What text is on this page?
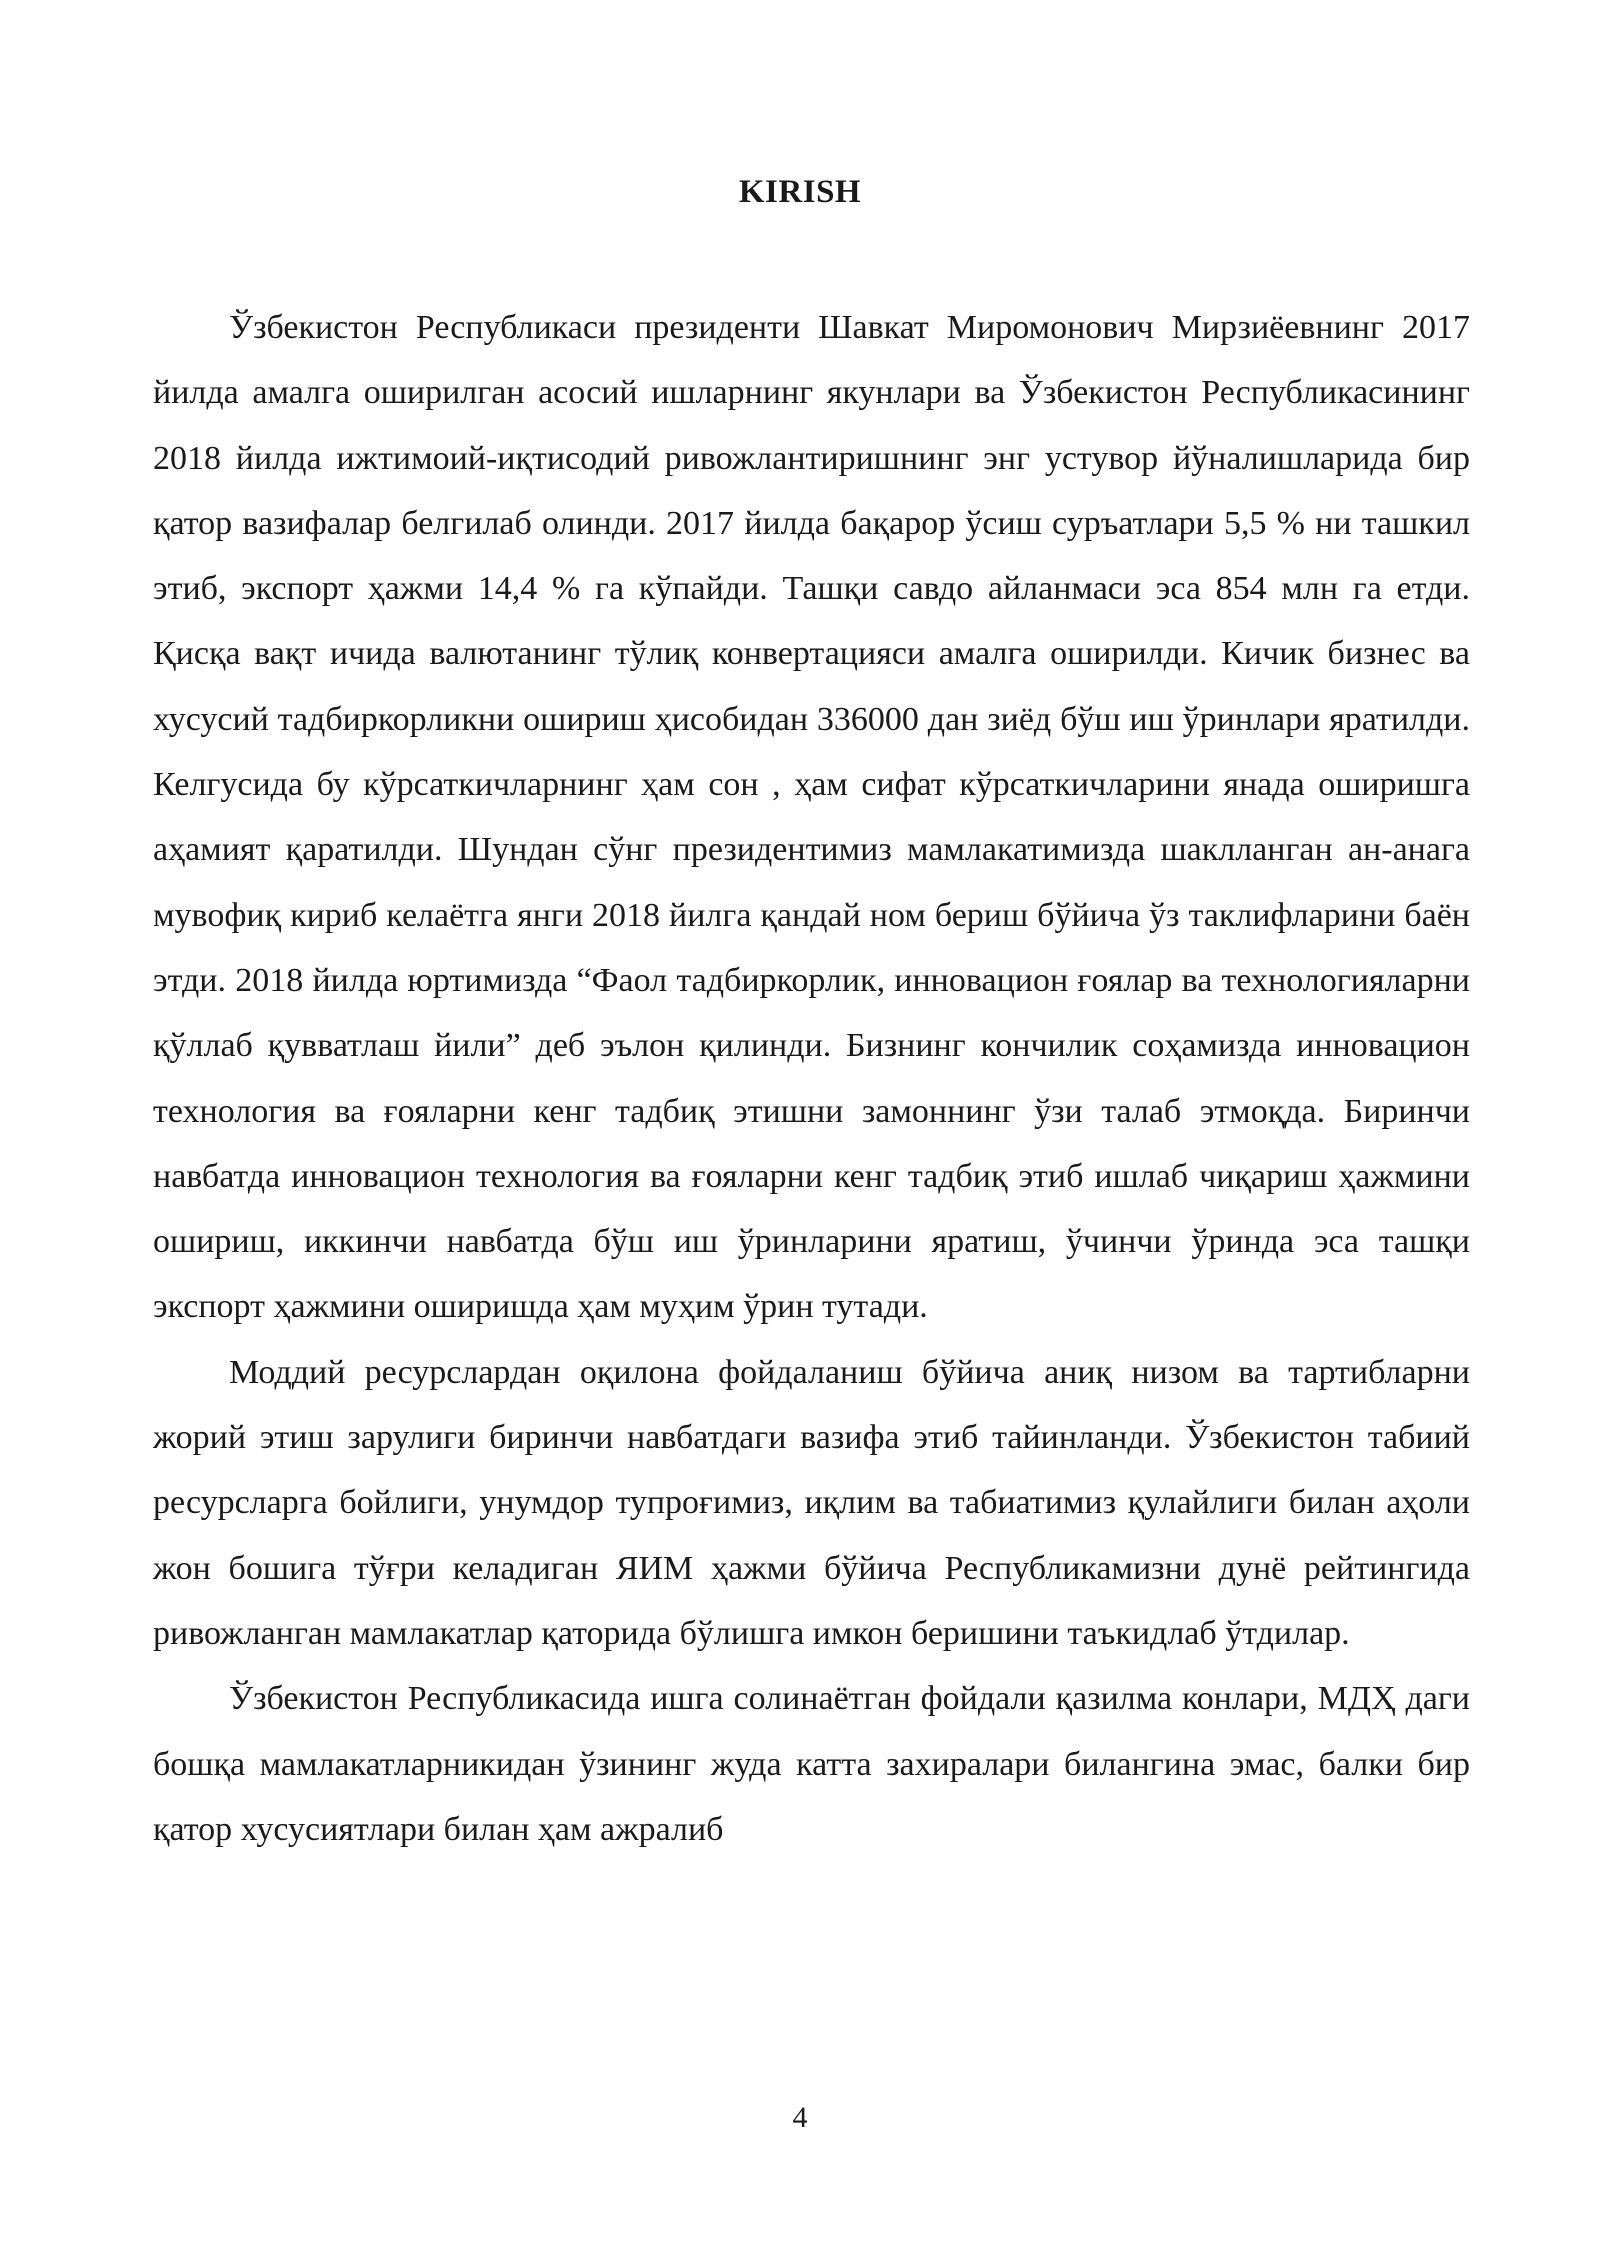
KIRISH

Ўзбекистон Республикаси президенти Шавкат Миромонович Мирзиёевнинг 2017 йилда амалга оширилган асосий ишларнинг якунлари ва Ўзбекистон Республикасининг 2018 йилда ижтимоий-иқтисодий ривожлантиришнинг энг устувор йўналишларида бир қатор вазифалар белгилаб олинди. 2017 йилда бақарор ўсиш суръатлари 5,5 % ни ташкил этиб, экспорт ҳажми 14,4 % га кўпайди. Ташқи савдо айланмаси эса 854 млн га етди. Қисқа вақт ичида валютанинг тўлиқ конвертацияси амалга оширилди. Кичик бизнес ва хусусий тадбиркорликни ошириш ҳисобидан 336000 дан зиёд бўш иш ўринлари яратилди. Келгусида бу кўрсаткичларнинг ҳам сон , ҳам сифат кўрсаткичларини янада оширишга аҳамият қаратилди. Шундан сўнг президентимиз мамлакатимизда шаклланган ан-анага мувофиқ кириб келаётга янги 2018 йилга қандай ном бериш бўйича ўз таклифларини баён этди. 2018 йилда юртимизда “Фаол тадбиркорлик, инновацион ғоялар ва технологияларни қўллаб қувватлаш йили” деб эълон қилинди. Бизнинг кончилик соҳамизда инновацион технология ва ғояларни кенг тадбиқ этишни замоннинг ўзи талаб этмоқда. Биринчи навбатда инновацион технология ва ғояларни кенг тадбиқ этиб ишлаб чиқариш ҳажмини ошириш, иккинчи навбатда бўш иш ўринларини яратиш, ўчинчи ўринда эса ташқи экспорт ҳажмини оширишда ҳам муҳим ўрин тутади.

Моддий ресурслардан оқилона фойдаланиш бўйича аниқ низом ва тартибларни жорий этиш зарулиги биринчи навбатдаги вазифа этиб тайинланди. Ўзбекистон табиий ресурсларга бойлиги, унумдор тупроғимиз, иқлим ва табиатимиз қулайлиги билан аҳоли жон бошига тўғри келадиган ЯИМ ҳажми бўйича Республикамизни дунё рейтингида ривожланган мамлакатлар қаторида бўлишга имкон беришини таъкидлаб ўтдилар.

Ўзбекистон Республикасида ишга солинаётган фойдали қазилма конлари, МДҲ даги бошқа мамлакатларникидан ўзининг жуда катта захиралари билангина эмас, балки бир қатор хусусиятлари билан ҳам ажралиб

4
